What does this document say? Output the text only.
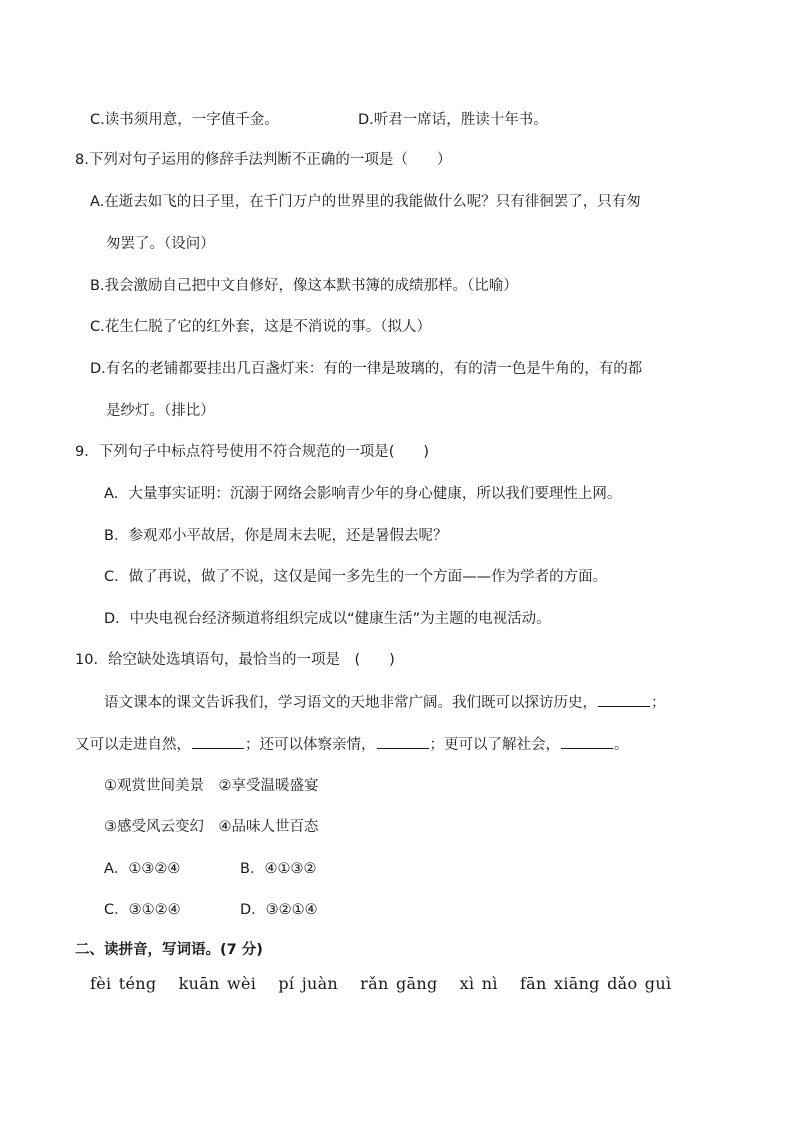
C.读书须用意，一字值千金。	D.听君一席话，胜读十年书。
8.下列对句子运用的修辞手法判断不正确的一项是（　　）
A.在逝去如飞的日子里，在千门万户的世界里的我能做什么呢？只有徘徊罢了，只有匆
匆罢了。（设问）
B.我会激励自己把中文自修好，像这本默书簿的成绩那样。（比喻）
C.花生仁脱了它的红外套，这是不消说的事。（拟人）
D.有名的老铺都要挂出几百盏灯来：有的一律是玻璃的，有的清一色是牛角的，有的都
是纱灯。（排比）
9．下列句子中标点符号使用不符合规范的一项是(　　)
A．大量事实证明：沉溺于网络会影响青少年的身心健康，所以我们要理性上网。
B．参观邓小平故居，你是周末去呢，还是暑假去呢？
C．做了再说，做了不说，这仅是闻一多先生的一个方面——作为学者的方面。
D．中央电视台经济频道将组织完成以“健康生活”为主题的电视活动。
10．给空缺处选填语句，最恰当的一项是　(　　)
语文课本的课文告诉我们，学习语文的天地非常广阔。我们既可以探访历史，	；
又可以走进自然，	；还可以体察亲情，	；更可以了解社会，	。
①观赏世间美景　②享受温暖盛宴
③感受风云变幻　④品味人世百态
A．①③②④	B．④①③②
C．③①②④	D．③②①④
二、读拼音，写词语。(7 分)
fèi téng   kuān wèi   pí juàn   rǎn gāng   xì nì   fān xiāng dǎo guì
